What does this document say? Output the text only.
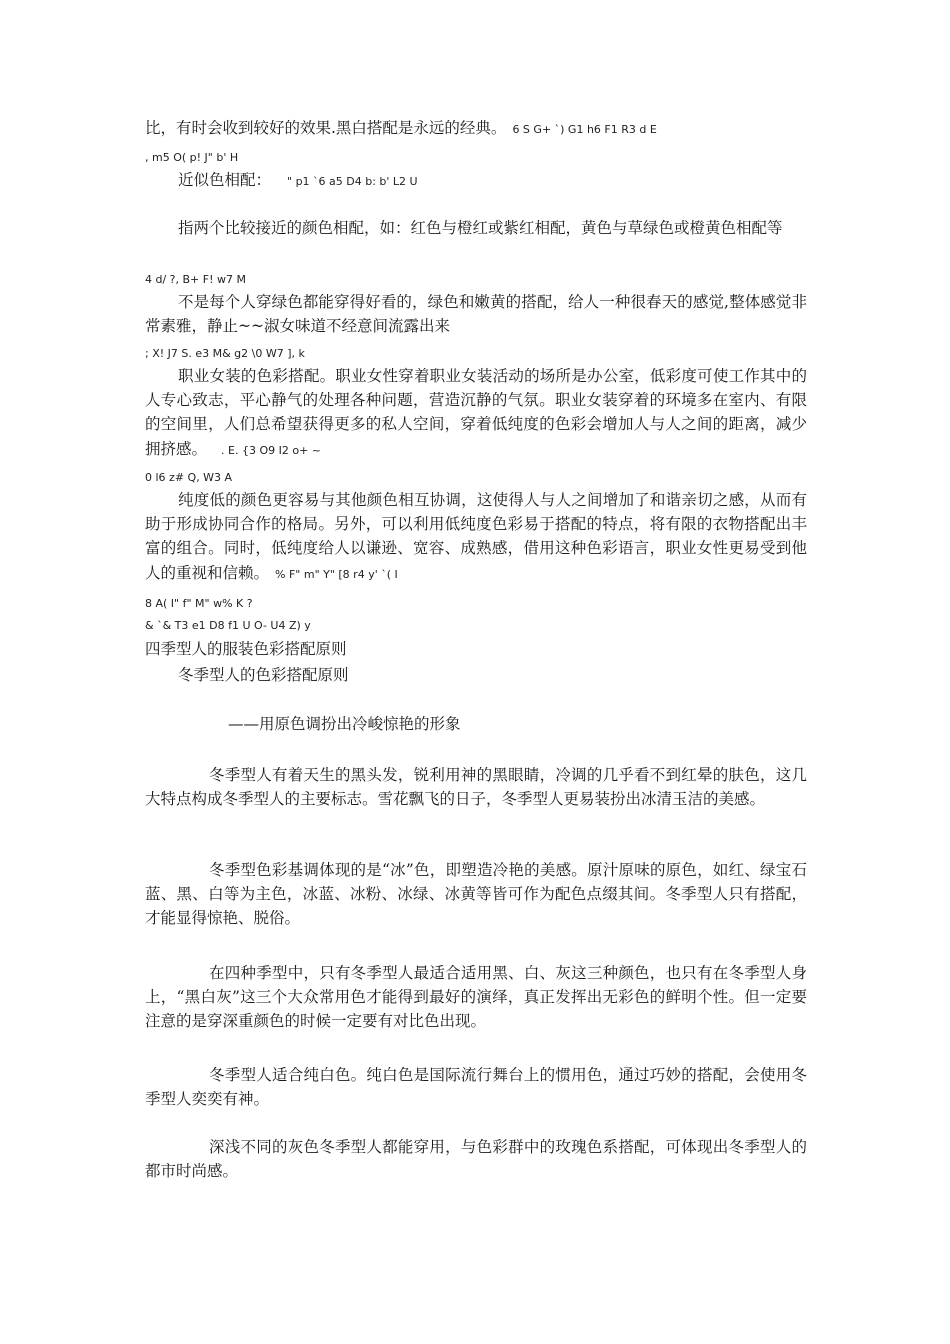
比，有时会收到较好的效果.黑白搭配是永远的经典。 6 S G+ `) G1 h6 F1 R3 d E
, m5 O( p! J" b' H
近似色相配： " p1 `6 a5 D4 b: b' L2 U
指两个比较接近的颜色相配，如：红色与橙红或紫红相配，黄色与草绿色或橙黄色相配等
4 d/ ?, B+ F! w7 M
不是每个人穿绿色都能穿得好看的，绿色和嫩黄的搭配，给人一种很春天的感觉,整体感觉非常素雅，静止~~淑女味道不经意间流露出来
; X! J7 S. e3 M& g2 \0 W7 ], k
职业女装的色彩搭配。职业女性穿着职业女装活动的场所是办公室，低彩度可使工作其中的人专心致志，平心静气的处理各种问题，营造沉静的气氛。职业女装穿着的环境多在室内、有限的空间里，人们总希望获得更多的私人空间，穿着低纯度的色彩会增加人与人之间的距离，减少拥挤感。 . E. {3 O9 I2 o+ ~
0 l6 z# Q, W3 A
纯度低的颜色更容易与其他颜色相互协调，这使得人与人之间增加了和谐亲切之感，从而有助于形成协同合作的格局。另外，可以利用低纯度色彩易于搭配的特点，将有限的衣物搭配出丰富的组合。同时，低纯度给人以谦逊、宽容、成熟感，借用这种色彩语言，职业女性更易受到他人的重视和信赖。 % F" m" Y" [8 r4 y' `( I
8 A( I" f" M" w% K ?
& `& T3 e1 D8 f1 U O- U4 Z) y
四季型人的服装色彩搭配原则
冬季型人的色彩搭配原则
——用原色调扮出冷峻惊艳的形象
冬季型人有着天生的黑头发，锐利用神的黑眼睛，冷调的几乎看不到红晕的肤色，这几大特点构成冬季型人的主要标志。雪花飘飞的日子，冬季型人更易装扮出冰清玉洁的美感。
冬季型色彩基调体现的是“冰”色，即塑造冷艳的美感。原汁原味的原色，如红、绿宝石蓝、黑、白等为主色，冰蓝、冰粉、冰绿、冰黄等皆可作为配色点缀其间。冬季型人只有搭配，才能显得惊艳、脱俗。
在四种季型中，只有冬季型人最适合适用黑、白、灰这三种颜色，也只有在冬季型人身上，“黑白灰”这三个大众常用色才能得到最好的演绎，真正发挥出无彩色的鲜明个性。但一定要注意的是穿深重颜色的时候一定要有对比色出现。
冬季型人适合纯白色。纯白色是国际流行舞台上的惯用色，通过巧妙的搭配，会使用冬季型人奕奕有神。
深浅不同的灰色冬季型人都能穿用，与色彩群中的玫瑰色系搭配，可体现出冬季型人的都市时尚感。
